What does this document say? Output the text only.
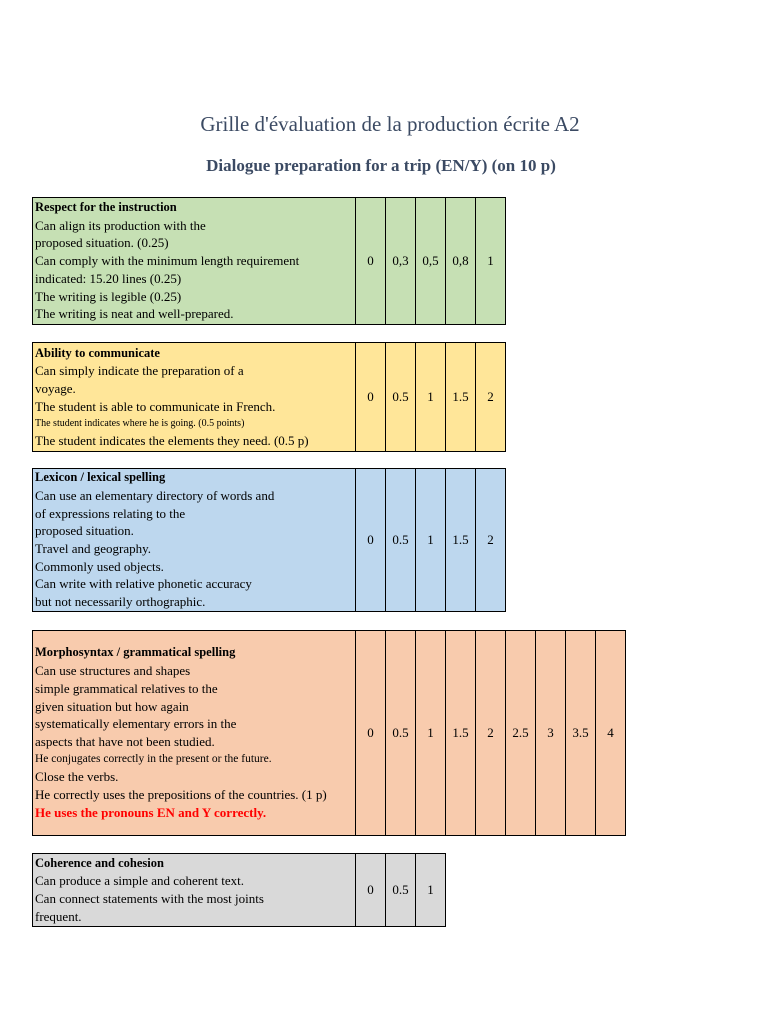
Grille d'évaluation de la production écrite A2
Dialogue preparation for a trip (EN/Y) (on 10 p)
Respect for the instruction
Can align its production with the
proposed situation. (0.25)
Can comply with the minimum length requirement
indicated: 15.20 lines (0.25)
The writing is legible (0.25)
The writing is neat and well-prepared.
	0	0,3	0,5	0,8	1
Ability to communicate
Can simply indicate the preparation of a
voyage.
The student is able to communicate in French.
The student indicates where he is going. (0.5 points)
The student indicates the elements they need. (0.5 p)
	0	0.5	1	1.5	2
Lexicon / lexical spelling
Can use an elementary directory of words and
of expressions relating to the
proposed situation.
Travel and geography.
Commonly used objects.
Can write with relative phonetic accuracy
but not necessarily orthographic.
	0	0.5	1	1.5	2
Morphosyntax / grammatical spelling
Can use structures and shapes
simple grammatical relatives to the
given situation but how again
systematically elementary errors in the
aspects that have not been studied.
He conjugates correctly in the present or the future.
Close the verbs.
He correctly uses the prepositions of the countries. (1 p)
He uses the pronouns EN and Y correctly.
	0	0.5	1	1.5	2	2.5	3	3.5	4
Coherence and cohesion
Can produce a simple and coherent text.
Can connect statements with the most joints
frequent.
	0	0.5	1
